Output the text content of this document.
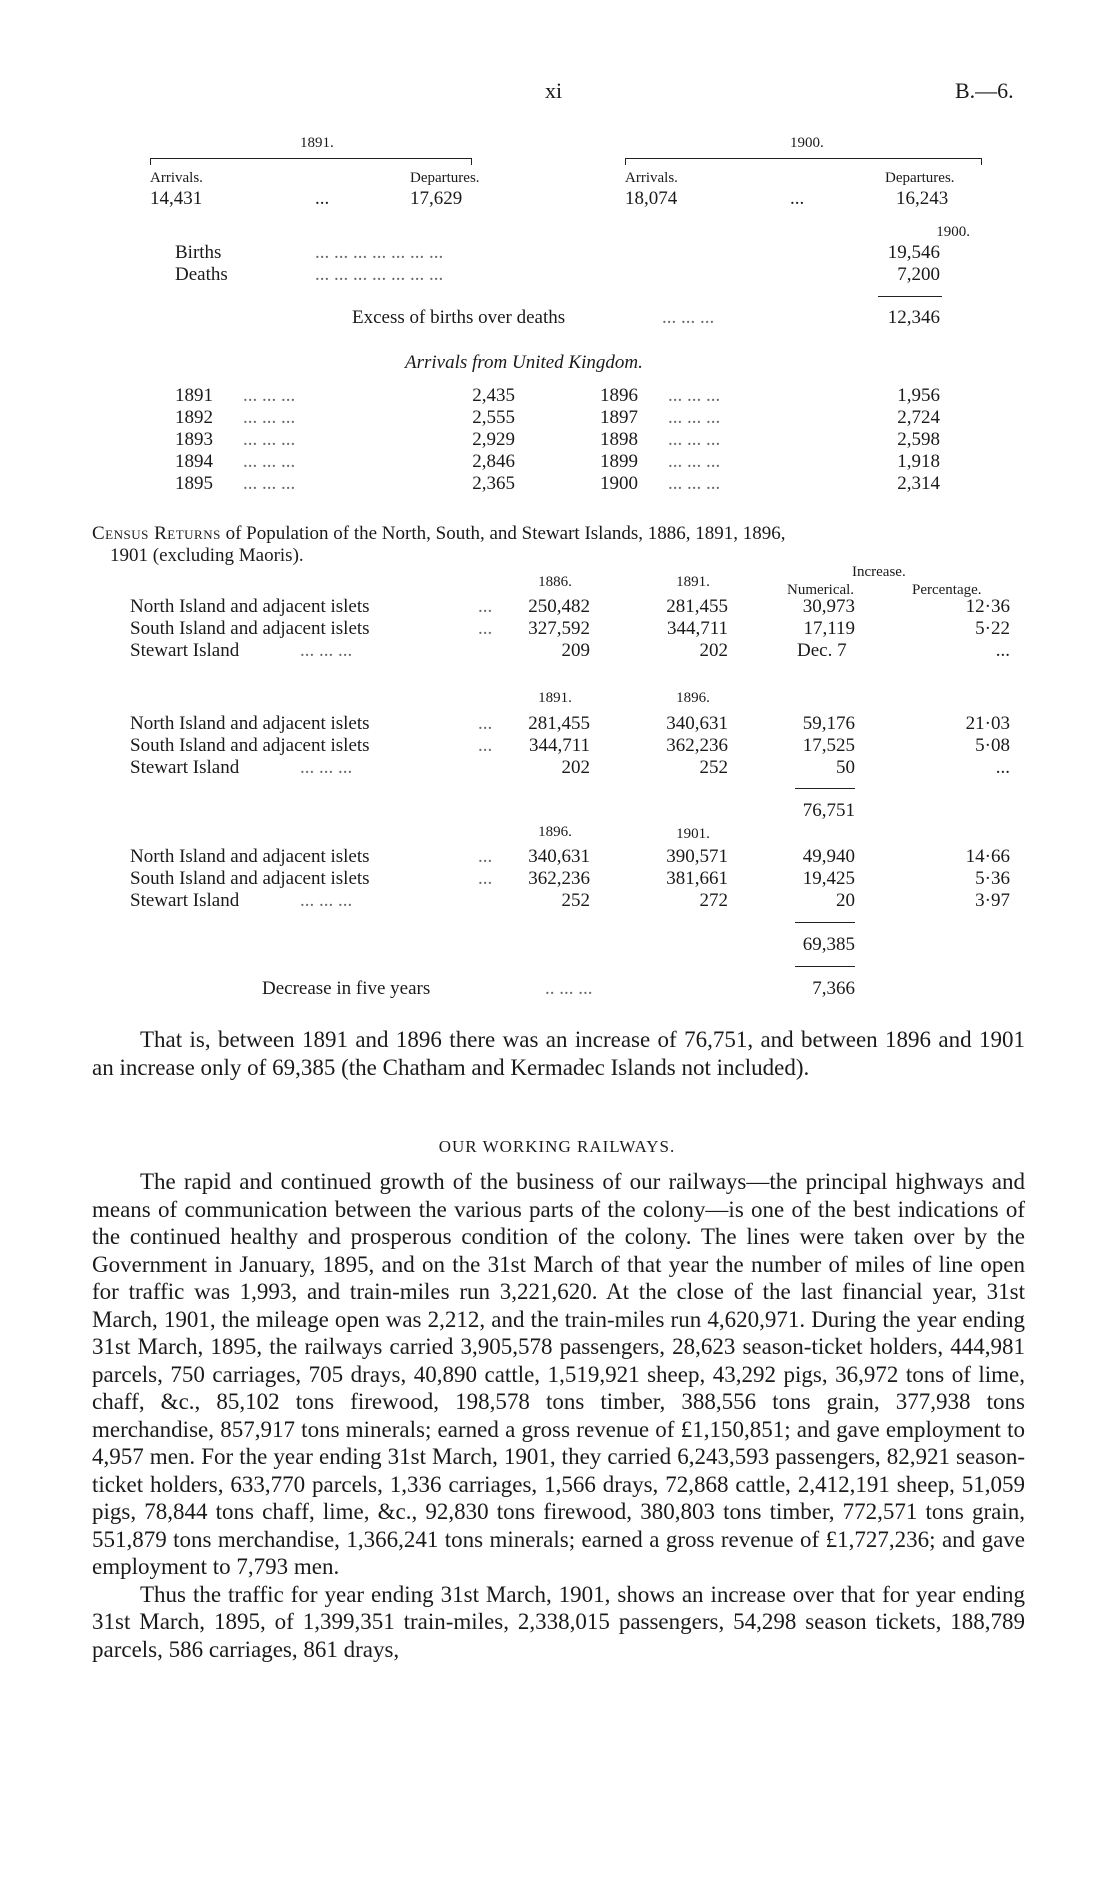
xi	B.—6.
1891.
Arrivals.	Departures.
14,431	...	17,629
1900.
Arrivals.	Departures.
18,074	...	16,243
1900.
Births	... ... ... ... ... ... ...	19,546
Deaths	... ... ... ... ... ... ...	7,200
Excess of births over deaths	... ... ...	12,346
Arrivals from United Kingdom.
1891 ... ... ...	2,435	1896 ... ... ...	1,956
1892 ... ... ...	2,555	1897 ... ... ...	2,724
1893 ... ... ...	2,929	1898 ... ... ...	2,598
1894 ... ... ...	2,846	1899 ... ... ...	1,918
1895 ... ... ...	2,365	1900 ... ... ...	2,314
Census Returns of Population of the North, South, and Stewart Islands, 1886, 1891, 1896,
1901 (excluding Maoris).
Increase.
Numerical.	Percentage.
1886.	1891.
North Island and adjacent islets	...	250,482	281,455	30,973	12·36
South Island and adjacent islets	...	327,592	344,711	17,119	5·22
Stewart Island	... ... ...	209	202	Dec. 7	...
1891.	1896.
North Island and adjacent islets	...	281,455	340,631	59,176	21·03
South Island and adjacent islets	...	344,711	362,236	17,525	5·08
Stewart Island	... ... ...	202	252	50	...
76,751
1896.	1901.
North Island and adjacent islets	...	340,631	390,571	49,940	14·66
South Island and adjacent islets	...	362,236	381,661	19,425	5·36
Stewart Island	... ... ...	252	272	20	3·97
69,385
Decrease in five years	.. ... ...	7,366

That is, between 1891 and 1896 there was an increase of 76,751, and between 1896 and 1901 an increase only of 69,385 (the Chatham and Kermadec Islands not included).

OUR WORKING RAILWAYS.

The rapid and continued growth of the business of our railways—the principal highways and means of communication between the various parts of the colony—is one of the best indications of the continued healthy and prosperous condition of the colony. The lines were taken over by the Government in January, 1895, and on the 31st March of that year the number of miles of line open for traffic was 1,993, and train-miles run 3,221,620. At the close of the last financial year, 31st March, 1901, the mileage open was 2,212, and the train-miles run 4,620,971. During the year ending 31st March, 1895, the railways carried 3,905,578 passengers, 28,623 season-ticket holders, 444,981 parcels, 750 carriages, 705 drays, 40,890 cattle, 1,519,921 sheep, 43,292 pigs, 36,972 tons of lime, chaff, &c., 85,102 tons firewood, 198,578 tons timber, 388,556 tons grain, 377,938 tons merchandise, 857,917 tons minerals; earned a gross revenue of £1,150,851; and gave employment to 4,957 men. For the year ending 31st March, 1901, they carried 6,243,593 passengers, 82,921 season-ticket holders, 633,770 parcels, 1,336 carriages, 1,566 drays, 72,868 cattle, 2,412,191 sheep, 51,059 pigs, 78,844 tons chaff, lime, &c., 92,830 tons firewood, 380,803 tons timber, 772,571 tons grain, 551,879 tons merchandise, 1,366,241 tons minerals; earned a gross revenue of £1,727,236; and gave employment to 7,793 men.

Thus the traffic for year ending 31st March, 1901, shows an increase over that for year ending 31st March, 1895, of 1,399,351 train-miles, 2,338,015 passengers, 54,298 season tickets, 188,789 parcels, 586 carriages, 861 drays,
